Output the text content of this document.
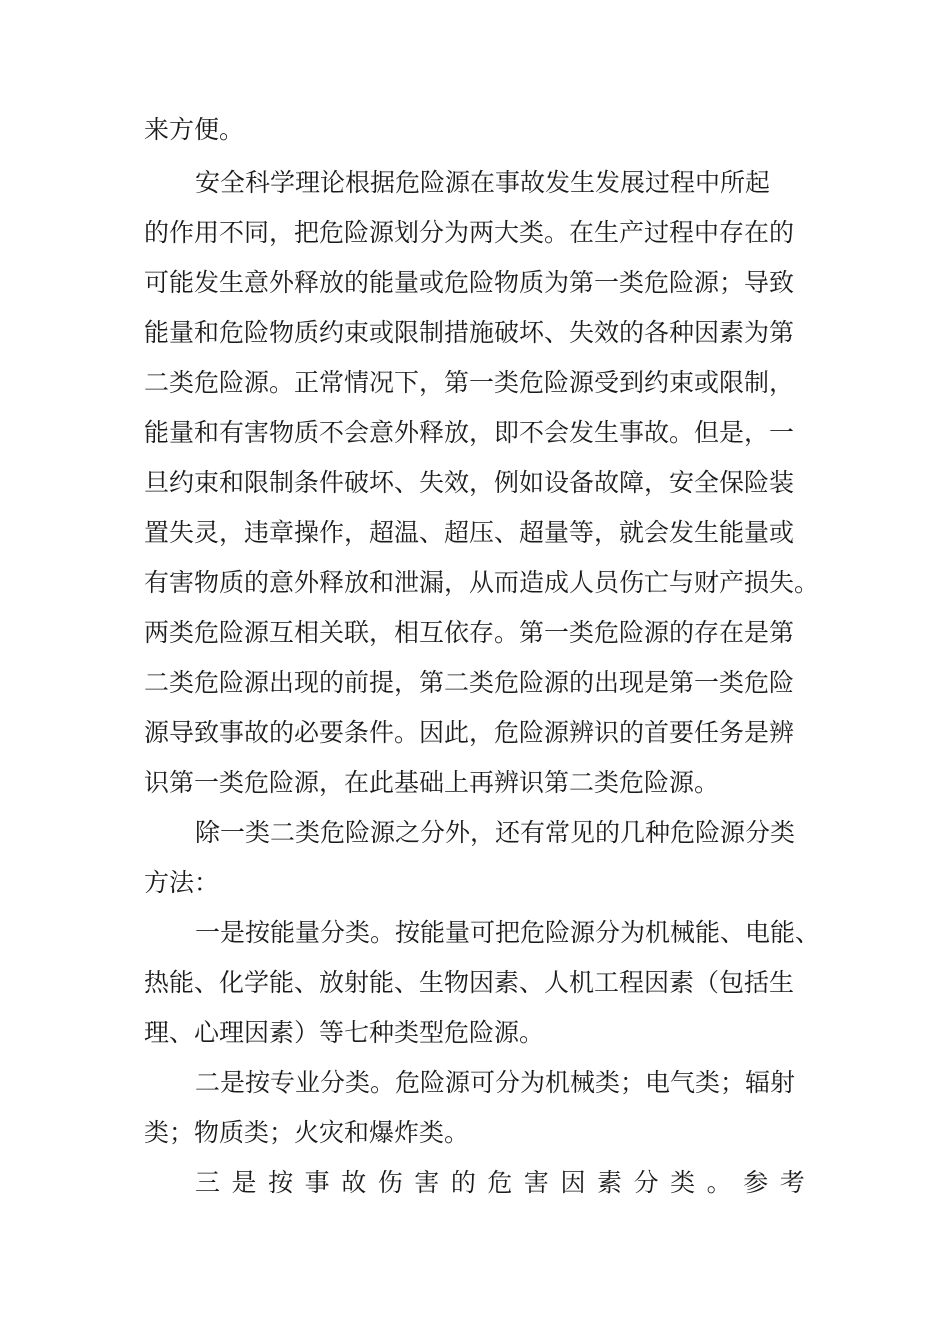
来方便。
安全科学理论根据危险源在事故发生发展过程中所起
的作用不同，把危险源划分为两大类。在生产过程中存在的
可能发生意外释放的能量或危险物质为第一类危险源；导致
能量和危险物质约束或限制措施破坏、失效的各种因素为第
二类危险源。正常情况下，第一类危险源受到约束或限制，
能量和有害物质不会意外释放，即不会发生事故。但是，一
旦约束和限制条件破坏、失效，例如设备故障，安全保险装
置失灵，违章操作，超温、超压、超量等，就会发生能量或
有害物质的意外释放和泄漏，从而造成人员伤亡与财产损失。
两类危险源互相关联，相互依存。第一类危险源的存在是第
二类危险源出现的前提，第二类危险源的出现是第一类危险
源导致事故的必要条件。因此，危险源辨识的首要任务是辨
识第一类危险源，在此基础上再辨识第二类危险源。
除一类二类危险源之分外，还有常见的几种危险源分类
方法：
一是按能量分类。按能量可把危险源分为机械能、电能、
热能、化学能、放射能、生物因素、人机工程因素（包括生
理、心理因素）等七种类型危险源。
二是按专业分类。危险源可分为机械类；电气类；辐射
类；物质类；火灾和爆炸类。
三 是 按 事 故 伤 害 的 危 害 因 素 分 类 。 参 考
